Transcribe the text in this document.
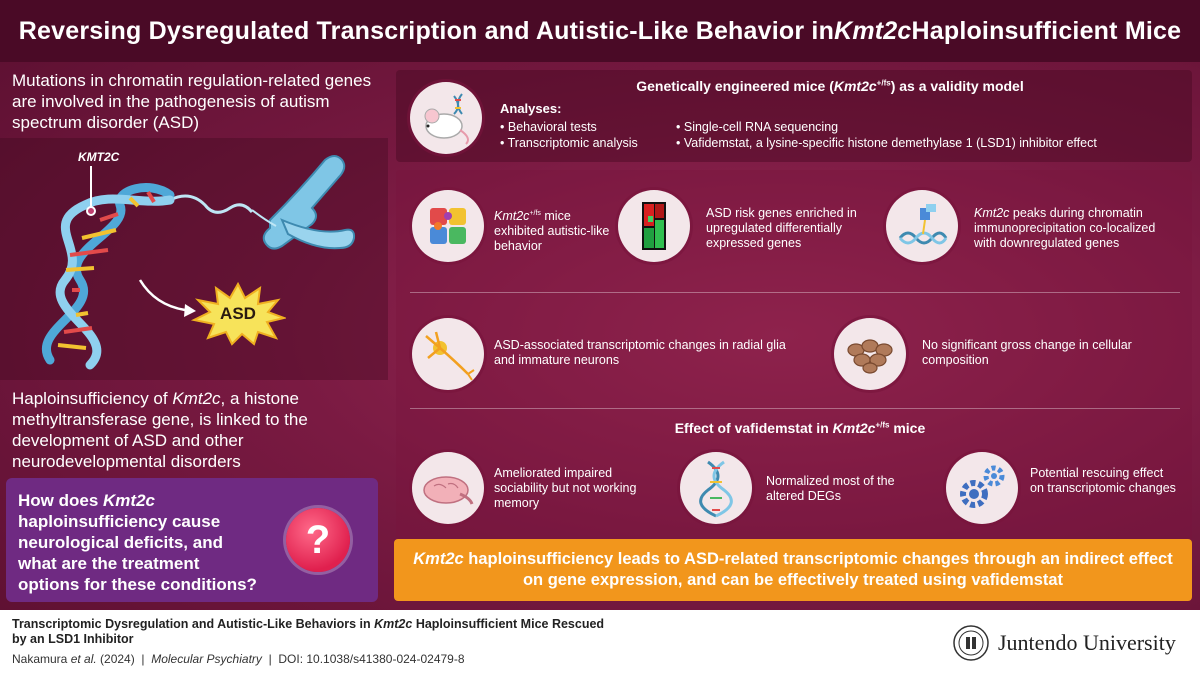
Reversing Dysregulated Transcription and Autistic-Like Behavior in Kmt2c Haploinsufficient Mice
Mutations in chromatin regulation-related genes are involved in the pathogenesis of autism spectrum disorder (ASD)
KMT2C
ASD
Haploinsufficiency of Kmt2c, a histone methyltransferase gene, is linked to the development of ASD and other neurodevelopmental disorders
How does Kmt2c haploinsufficiency cause neurological deficits, and what are the treatment options for these conditions?
?
Genetically engineered mice $(Kmt2c^{+/fs})$ as a validity model
Analyses:
• Behavioral tests
• Transcriptomic analysis
• Single-cell RNA sequencing
• Vafidemstat, a lysine-specific histone demethylase 1 (LSD1) inhibitor effect
$Kmt2c^{+/fs}$ mice exhibited autistic-like behavior
ASD risk genes enriched in upregulated differentially expressed genes
Kmt2c peaks during chromatin immunoprecipitation co-localized with downregulated genes
ASD-associated transcriptomic changes in radial glia and immature neurons
No significant gross change in cellular composition
Effect of vafidemstat in $Kmt2c^{+/fs}$ mice
Ameliorated impaired sociability but not working memory
Normalized most of the altered DEGs
Potential rescuing effect on transcriptomic changes
Kmt2c haploinsufficiency leads to ASD-related transcriptomic changes through an indirect effect on gene expression, and can be effectively treated using vafidemstat
Transcriptomic Dysregulation and Autistic-Like Behaviors in Kmt2c Haploinsufficient Mice Rescued by an LSD1 Inhibitor
Nakamura et al. (2024) | Molecular Psychiatry | DOI: 10.1038/s41380-024-02479-8
Juntendo University
